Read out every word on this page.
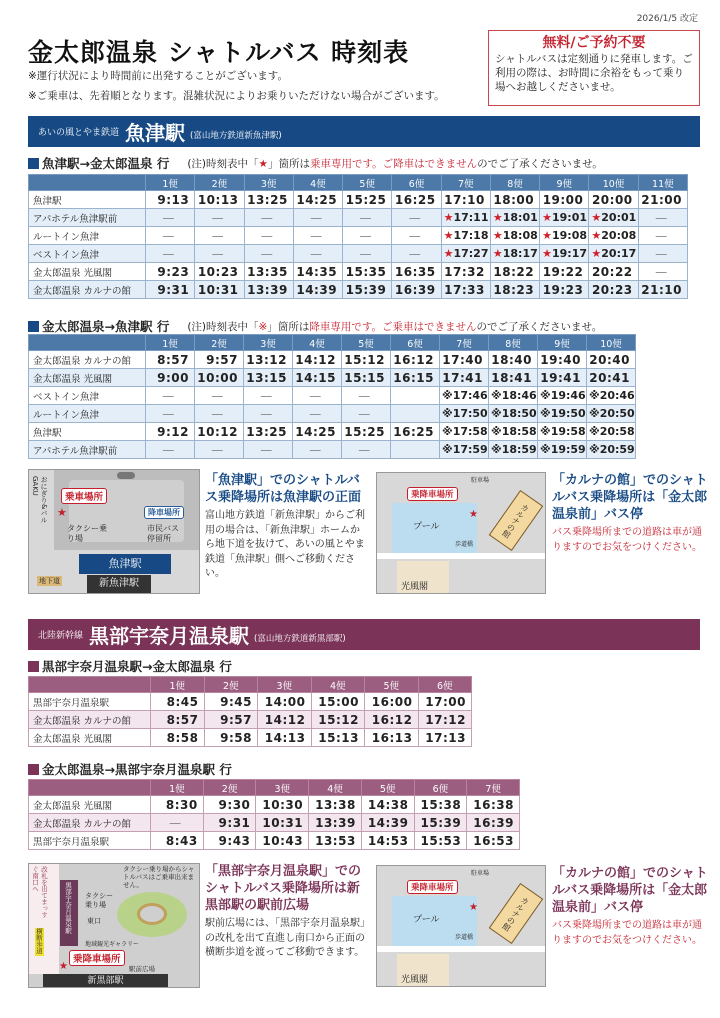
2026/1/5 改定
金太郎温泉 シャトルバス 時刻表
※運行状況により時間前に出発することがございます。
※ご乗車は、先着順となります。混雑状況によりお乗りいただけない場合がございます。
無料/ご予約不要
シャトルバスは定刻通りに発車します。ご利用の際は、お時間に余裕をもって乗り場へお越しくださいませ。
あいの風とやま鉄道 魚津駅 (富山地方鉄道新魚津駅)
魚津駅→金太郎温泉 行 (注)時刻表中「★」箇所は乗車専用です。ご降車はできませんのでご了承くださいませ。
	1便	2便	3便	4便	5便	6便	7便	8便	9便	10便	11便
魚津駅	9:13	10:13	13:25	14:25	15:25	16:25	17:10	18:00	19:00	20:00	21:00
アパホテル魚津駅前	—	—	—	—	—	—	★17:11	★18:01	★19:01	★20:01	—
ルートイン魚津	—	—	—	—	—	—	★17:18	★18:08	★19:08	★20:08	—
ベストイン魚津	—	—	—	—	—	—	★17:27	★18:17	★19:17	★20:17	—
金太郎温泉 光風閣	9:23	10:23	13:35	14:35	15:35	16:35	17:32	18:22	19:22	20:22	—
金太郎温泉 カルナの館	9:31	10:31	13:39	14:39	15:39	16:39	17:33	18:23	19:23	20:23	21:10
金太郎温泉→魚津駅 行 (注)時刻表中「※」箇所は降車専用です。ご乗車はできませんのでご了承くださいませ。
	1便	2便	3便	4便	5便	6便	7便	8便	9便	10便
金太郎温泉 カルナの館	8:57	9:57	13:12	14:12	15:12	16:12	17:40	18:40	19:40	20:40
金太郎温泉 光風閣	9:00	10:00	13:15	14:15	15:15	16:15	17:41	18:41	19:41	20:41
ベストイン魚津	—	—	—	—	—		※17:46	※18:46	※19:46	※20:46
ルートイン魚津	—	—	—	—	—		※17:50	※18:50	※19:50	※20:50
魚津駅	9:12	10:12	13:25	14:25	15:25	16:25	※17:58	※18:58	※19:58	※20:58
アパホテル魚津駅前	—	—	—	—	—		※17:59	※18:59	※19:59	※20:59
乗車場所
★
おにぎり&バルGAKU
降車場所
タクシー乗り場
市民バス停留所
魚津駅
新魚津駅
地下道
「魚津駅」でのシャトルバス乗降場所は魚津駅の正面
富山地方鉄道「新魚津駅」からご利用の場合は、「新魚津駅」ホームから地下道を抜けて、あいの風とやま鉄道「魚津駅」側へご移動ください。
乗降車場所
★
プール
歩道橋
駐車場
カルナの館
光風閣
「カルナの館」でのシャトルバス乗降場所は「金太郎温泉前」バス停
バス乗降場所までの道路は車が通りますのでお気をつけください。
北陸新幹線 黒部宇奈月温泉駅 (富山地方鉄道新黒部駅)
黒部宇奈月温泉駅→金太郎温泉 行
	1便	2便	3便	4便	5便	6便
黒部宇奈月温泉駅	8:45	9:45	14:00	15:00	16:00	17:00
金太郎温泉 カルナの館	8:57	9:57	14:12	15:12	16:12	17:12
金太郎温泉 光風閣	8:58	9:58	14:13	15:13	16:13	17:13
金太郎温泉→黒部宇奈月温泉駅 行
	1便	2便	3便	4便	5便	6便	7便
金太郎温泉 光風閣	8:30	9:30	10:30	13:38	14:38	15:38	16:38
金太郎温泉 カルナの館	—	9:31	10:31	13:39	14:39	15:39	16:39
黒部宇奈月温泉駅	8:43	9:43	10:43	13:53	14:53	15:53	16:53
タクシー乗り場からシャトルバスはご乗車出来ません。
タクシー乗り場
東口
地域観光ギャラリー
改札を出てまっすぐ南口へ
横断歩道
乗降車場所
★	駅前広場
新黒部駅
黒部宇奈月温泉駅
「黒部宇奈月温泉駅」でのシャトルバス乗降場所は新黒部駅の駅前広場
駅前広場には、「黒部宇奈月温泉駅」の改札を出て直進し南口から正面の横断歩道を渡ってご移動できます。
乗降車場所
★
プール
歩道橋
駐車場
カルナの館
光風閣
「カルナの館」でのシャトルバス乗降場所は「金太郎温泉前」バス停
バス乗降場所までの道路は車が通りますのでお気をつけください。
